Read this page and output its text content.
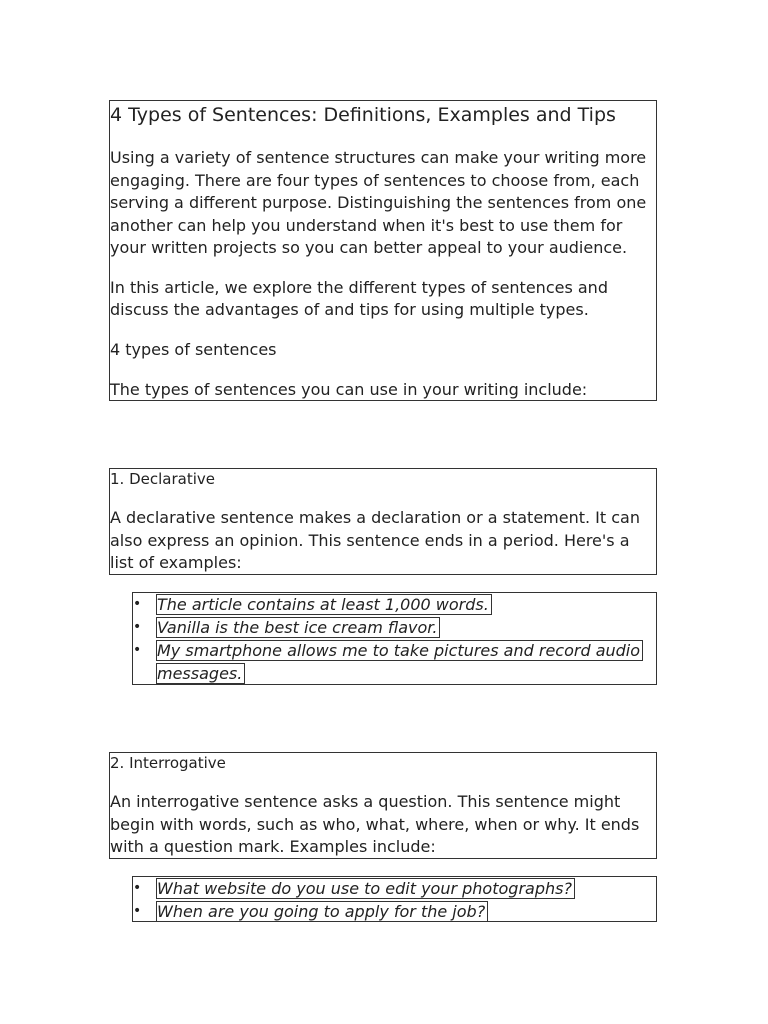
4 Types of Sentences: Definitions, Examples and Tips

Using a variety of sentence structures can make your writing more engaging. There are four types of sentences to choose from, each serving a different purpose. Distinguishing the sentences from one another can help you understand when it's best to use them for your written projects so you can better appeal to your audience.

In this article, we explore the different types of sentences and discuss the advantages of and tips for using multiple types.

4 types of sentences

The types of sentences you can use in your writing include:

1. Declarative

A declarative sentence makes a declaration or a statement. It can also express an opinion. This sentence ends in a period. Here's a list of examples:

• The article contains at least 1,000 words.
• Vanilla is the best ice cream flavor.
• My smartphone allows me to take pictures and record audio messages.

2. Interrogative

An interrogative sentence asks a question. This sentence might begin with words, such as who, what, where, when or why. It ends with a question mark. Examples include:

• What website do you use to edit your photographs?
• When are you going to apply for the job?
